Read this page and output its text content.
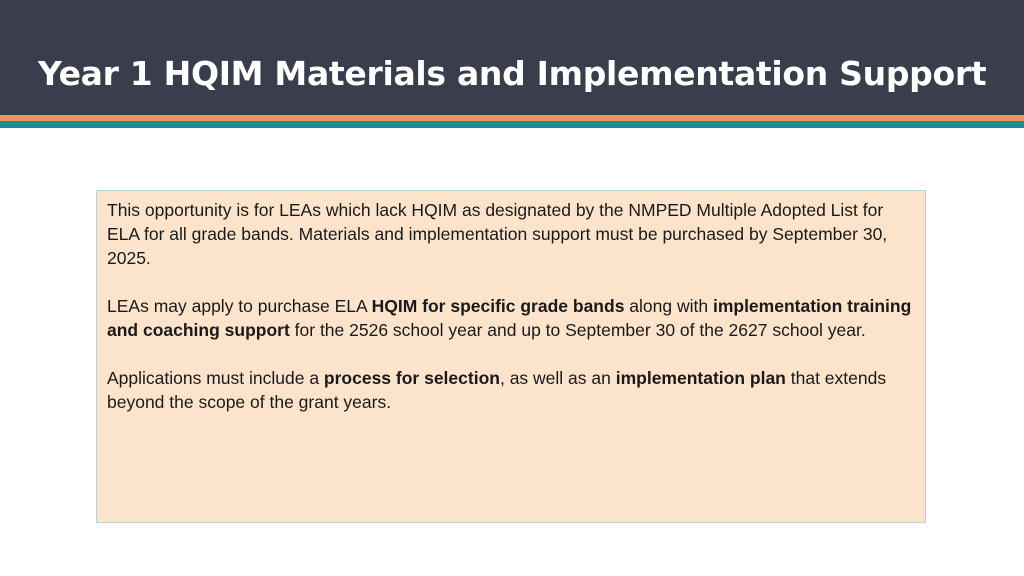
Year 1 HQIM Materials and Implementation Support

This opportunity is for LEAs which lack HQIM as designated by the NMPED Multiple Adopted List for ELA for all grade bands. Materials and implementation support must be purchased by September 30, 2025.

LEAs may apply to purchase ELA HQIM for specific grade bands along with implementation training and coaching support for the 2526 school year and up to September 30 of the 2627 school year.

Applications must include a process for selection, as well as an implementation plan that extends beyond the scope of the grant years.
